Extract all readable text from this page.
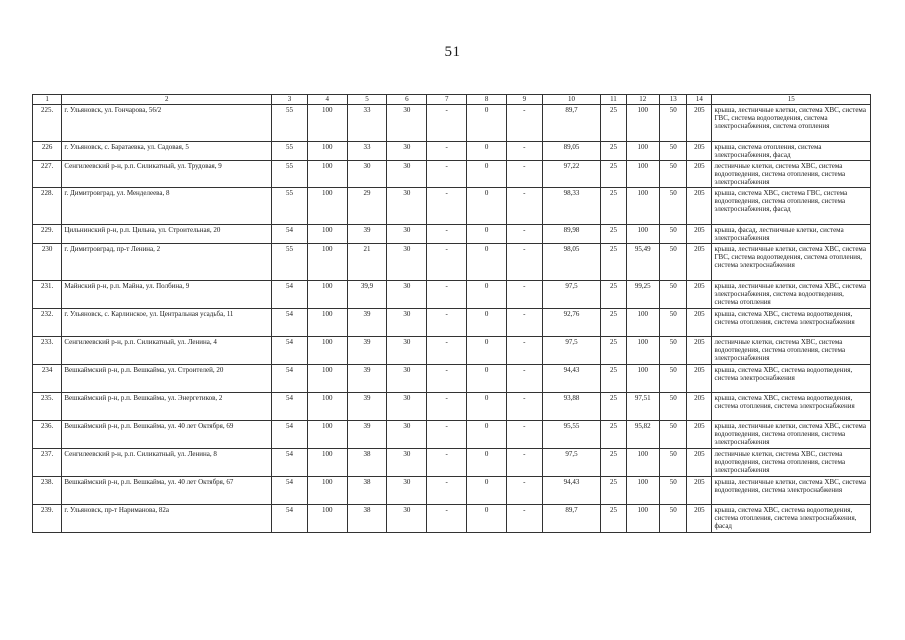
51
1	2	3	4	5	6	7	8	9	10	11	12	13	14	15
225.	г. Ульяновск, ул. Гончарова, 56/2	55	100	33	30	-	0	-	89,7	25	100	50	205	крыша, лестничные клетки, система ХВС, система ГВС, система водоотведения, система электроснабжения, система отопления
226	г. Ульяновск, с. Баратаевка, ул. Садовая, 5	55	100	33	30	-	0	-	89,05	25	100	50	205	крыша, система отопления, система электроснабжения, фасад
227.	Сенгилеевский р-н, р.п. Силикатный, ул. Трудовая, 9	55	100	30	30	-	0	-	97,22	25	100	50	205	лестничные клетки, система ХВС, система водоотведения, система отопления, система электроснабжения
228.	г. Димитровград, ул. Менделеева, 8	55	100	29	30	-	0	-	98,33	25	100	50	205	крыша, система ХВС, система ГВС, система водоотведения, система отопления, система электроснабжения, фасад
229.	Цильнинский р-н, р.п. Цильна, ул. Строительная, 20	54	100	39	30	-	0	-	89,98	25	100	50	205	крыша, фасад, лестничные клетки, система электроснабжения
230	г. Димитровград, пр-т Ленина, 2	55	100	21	30	-	0	-	98,05	25	95,49	50	205	крыша, лестничные клетки, система ХВС, система ГВС, система водоотведения, система отопления, система электроснабжения
231.	Майнский р-н, р.п. Майна, ул. Полбина, 9	54	100	39,9	30	-	0	-	97,5	25	99,25	50	205	крыша, лестничные клетки, система ХВС, система электроснабжения, система водоотведения, система отопления
232.	г. Ульяновск, с. Карлинское, ул. Центральная усадьба, 11	54	100	39	30	-	0	-	92,76	25	100	50	205	крыша, система ХВС, система водоотведения, система отопления, система электроснабжения
233.	Сенгилеевский р-н, р.п. Силикатный, ул. Ленина, 4	54	100	39	30	-	0	-	97,5	25	100	50	205	лестничные клетки, система ХВС, система водоотведения, система отопления, система электроснабжения
234	Вешкаймский р-н, р.п. Вешкайма, ул. Строителей, 20	54	100	39	30	-	0	-	94,43	25	100	50	205	крыша, система ХВС, система водоотведения, система электроснабжения
235.	Вешкаймский р-н, р.п. Вешкайма, ул. Энергетиков, 2	54	100	39	30	-	0	-	93,88	25	97,51	50	205	крыша, система ХВС, система водоотведения, система отопления, система электроснабжения
236.	Вешкаймский р-н, р.п. Вешкайма, ул. 40 лет Октября, 69	54	100	39	30	-	0	-	95,55	25	95,82	50	205	крыша, лестничные клетки, система ХВС, система водоотведения, система отопления, система электроснабжения
237.	Сенгилеевский р-н, р.п. Силикатный, ул. Ленина, 8	54	100	38	30	-	0	-	97,5	25	100	50	205	лестничные клетки, система ХВС, система водоотведения, система отопления, система электроснабжения
238.	Вешкаймский р-н, р.п. Вешкайма, ул. 40 лет Октября, 67	54	100	38	30	-	0	-	94,43	25	100	50	205	крыша, лестничные клетки, система ХВС, система водоотведения, система электроснабжения
239.	г. Ульяновск, пр-т Нариманова, 82а	54	100	38	30	-	0	-	89,7	25	100	50	205	крыша, система ХВС, система водоотведения, система отопления, система электроснабжения, фасад
